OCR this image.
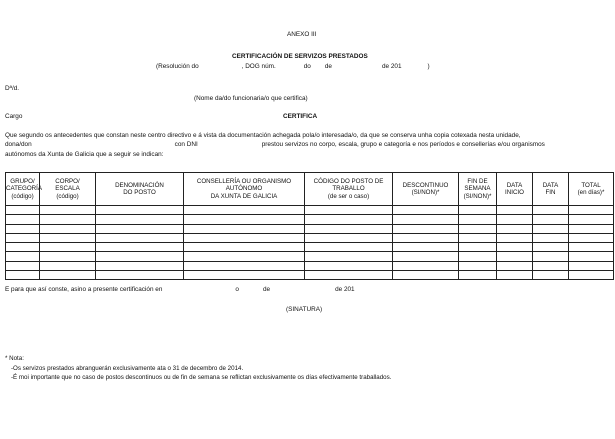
ANEXO III
CERTIFICACIÓN DE SERVIZOS PRESTADOS
(Resolución do	, DOG núm.	do de	de 201	)
Dª/d.
(Nome da/do funcionaria/o que certifica)
Cargo	CERTIFICA
Que segundo os antecedentes que constan neste centro directivo e á vista da documentación achegada pola/o interesada/o, da que se conserva unha copia cotexada nesta unidade,
dona/don	con DNI	prestou servizos no corpo, escala, grupo e categoría e nos períodos e consellerías e/ou organismos
autónomos da Xunta de Galicia que a seguir se indican:
GRUPO/
CATEGORÍA
(código)	CORPO/
ESCALA
(código)	DENOMINACIÓN
DO POSTO	CONSELLERÍA OU ORGANISMO
AUTÓNOMO
DA XUNTA DE GALICIA	CÓDIGO DO POSTO DE
TRABALLO
(de ser o caso)	DESCONTINUO
(SI/NON)*	FIN DE
SEMANA
(SI/NON)*	DATA
INICIO	DATA
FIN	TOTAL
(en días)*

E para que así conste, asino a presente certificación en	o	de	de 201
(SINATURA)
* Nota:
-Os servizos prestados abranguerán exclusivamente ata o 31 de decembro de 2014.
-É moi importante que no caso de postos descontinuos ou de fin de semana se reflictan exclusivamente os días efectivamente traballados.
